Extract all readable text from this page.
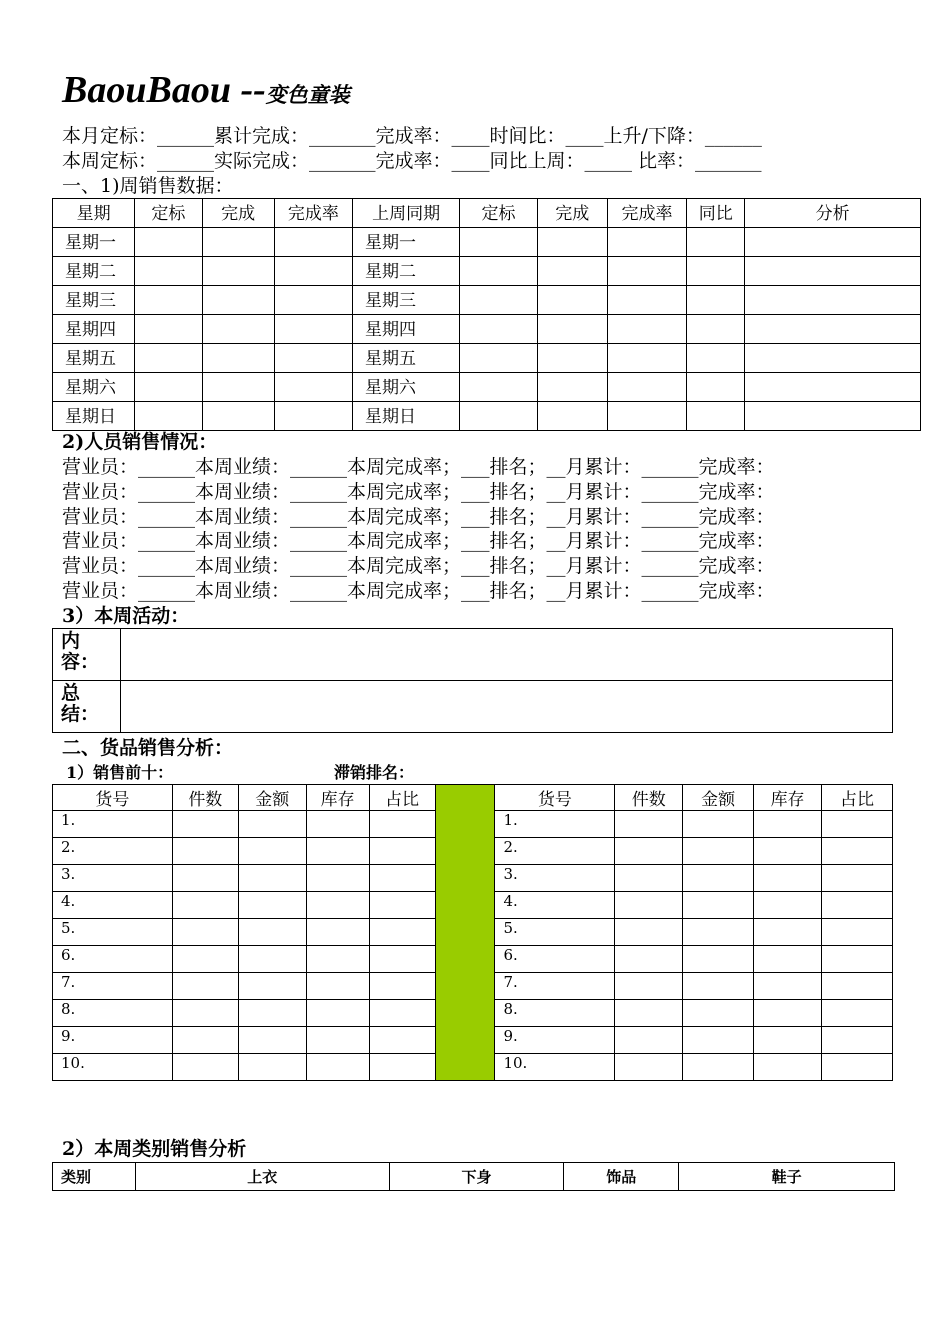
BaouBaou --变色童装
本月定标：______累计完成：_______完成率：____时间比：____上升/下降：______
本周定标：______实际完成：_______完成率：____同比上周：_____ 比率：_______
一、1)周销售数据：
星期	定标	完成	完成率	上周同期	定标	完成	完成率	同比	分析
星期一				星期一					
星期二				星期二					
星期三				星期三					
星期四				星期四					
星期五				星期五					
星期六				星期六					
星期日				星期日					
2)人员销售情况：
营业员：______本周业绩：______本周完成率；___排名；__月累计：______完成率：
营业员：______本周业绩：______本周完成率；___排名；__月累计：______完成率：
营业员：______本周业绩：______本周完成率；___排名；__月累计：______完成率：
营业员：______本周业绩：______本周完成率；___排名；__月累计：______完成率：
营业员：______本周业绩：______本周完成率；___排名；__月累计：______完成率：
营业员：______本周业绩：______本周完成率；___排名；__月累计：______完成率：
3）本周活动：
内容：	
总结：	
二、货品销售分析：
1）销售前十：	滞销排名：
货号	件数	金额	库存	占比		货号	件数	金额	库存	占比
1.						1.				
2.						2.				
3.						3.				
4.						4.				
5.						5.				
6.						6.				
7.						7.				
8.						8.				
9.						9.				
10.						10.				
2）本周类别销售分析
类别	上衣	下身	饰品	鞋子
